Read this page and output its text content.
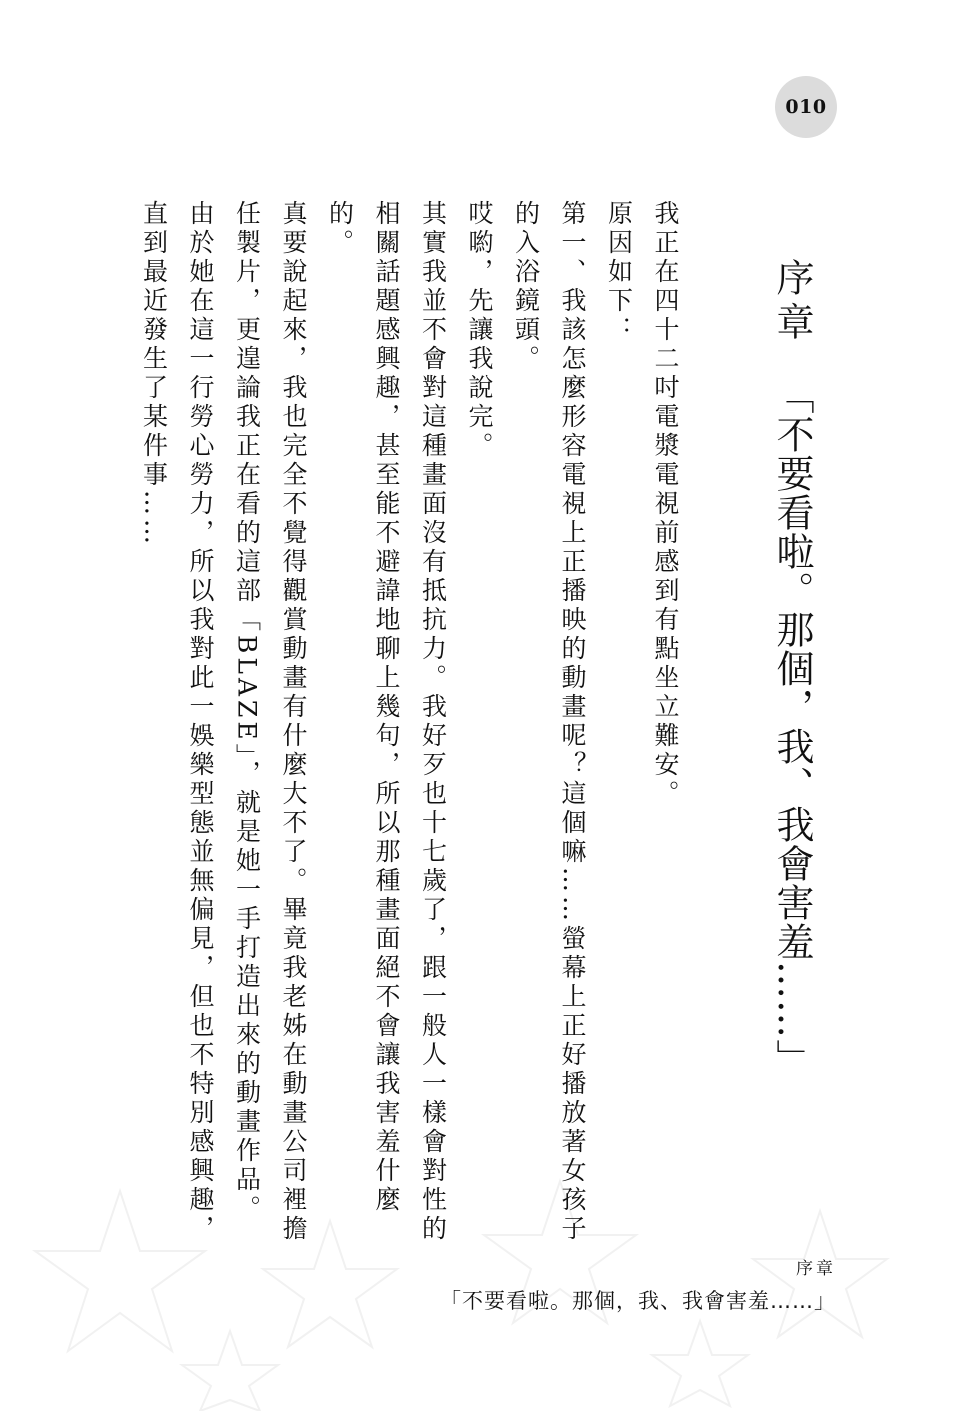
010
序章「不要看啦。那個，我、我會害羞……」

我正在四十二吋電漿電視前感到有點坐立難安。

原因如下：

第一、我該怎麼形容電視上正播映的動畫呢？這個嘛……螢幕上正好播放著女孩子的入浴鏡頭。

哎喲，先讓我說完。

其實我並不會對這種畫面沒有抵抗力。我好歹也十七歲了，跟一般人一樣會對性的相關話題感興趣，甚至能不避諱地聊上幾句，所以那種畫面絕不會讓我害羞什麼的。

真要說起來，我也完全不覺得觀賞動畫有什麼大不了。畢竟我老姊在動畫公司裡擔任製片，更遑論我正在看的這部「BLAZE」，就是她一手打造出來的動畫作品。

由於她在這一行勞心勞力，所以我對此一娛樂型態並無偏見，但也不特別感興趣，直到最近發生了某件事……

序章
「不要看啦。那個，我、我會害羞……」
